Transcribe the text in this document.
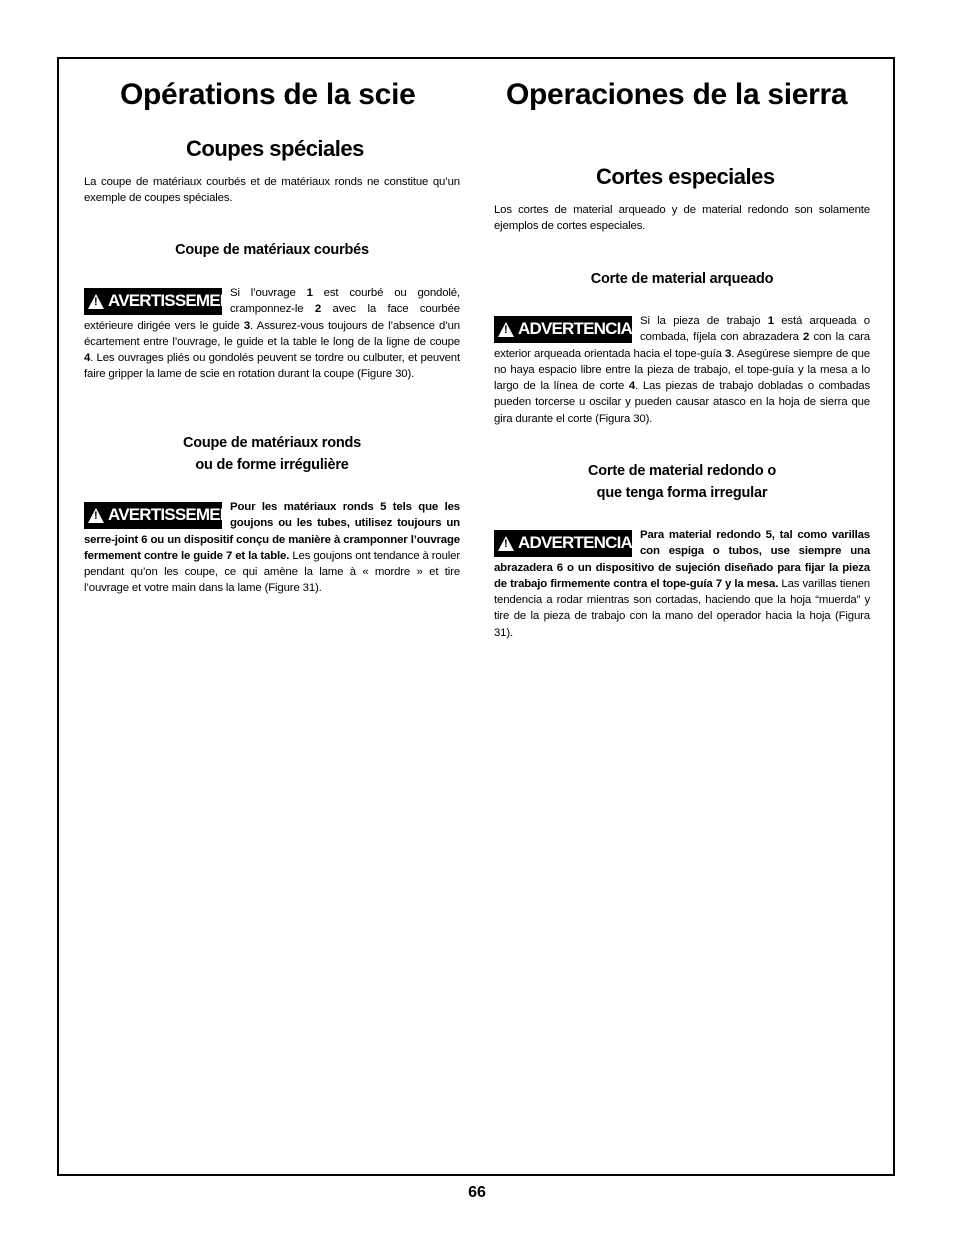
Opérations de la scie
Coupes spéciales

La coupe de matériaux courbés et de matériaux ronds ne constitue qu’un exemple de coupes spéciales.

Coupe de matériaux courbés

! AVERTISSEMENT
Si l’ouvrage 1 est courbé ou gondolé, cramponnez-le 2 avec la face courbée extérieure dirigée vers le guide 3. Assurez-vous toujours de l’absence d’un écartement entre l’ouvrage, le guide et la table le long de la ligne de coupe 4. Les ouvrages pliés ou gondolés peuvent se tordre ou culbuter, et peuvent faire gripper la lame de scie en rotation durant la coupe (Figure 30).

Coupe de matériaux ronds
ou de forme irrégulière

! AVERTISSEMENT
Pour les matériaux ronds 5 tels que les goujons ou les tubes, utilisez toujours un serre-joint 6 ou un dispositif conçu de manière à cramponner l’ouvrage fermement contre le guide 7 et la table. Les goujons ont tendance à rouler pendant qu’on les coupe, ce qui amène la lame à « mordre » et tire l’ouvrage et votre main dans la lame (Figure 31).

Operaciones de la sierra
Cortes especiales

Los cortes de material arqueado y de material redondo son solamente ejemplos de cortes especiales.

Corte de material arqueado

! ADVERTENCIA Si la pieza de trabajo 1 está arqueada o combada, fíjela con abrazadera 2 con la cara exterior arqueada orientada hacia el tope-guía 3. Asegúrese siempre de que no haya espacio libre entre la pieza de trabajo, el tope-guía y la mesa a lo largo de la línea de corte 4. Las piezas de trabajo dobladas o combadas pueden torcerse u oscilar y pueden causar atasco en la hoja de sierra que gira durante el corte (Figura 30).

Corte de material redondo o
que tenga forma irregular

! ADVERTENCIA Para material redondo 5, tal como varillas con espiga o tubos, use siempre una abrazadera 6 o un dispositivo de sujeción diseñado para fijar la pieza de trabajo firmemente contra el tope-guía 7 y la mesa. Las varillas tienen tendencia a rodar mientras son cortadas, haciendo que la hoja “muerda” y tire de la pieza de trabajo con la mano del operador hacia la hoja (Figura 31).

66
